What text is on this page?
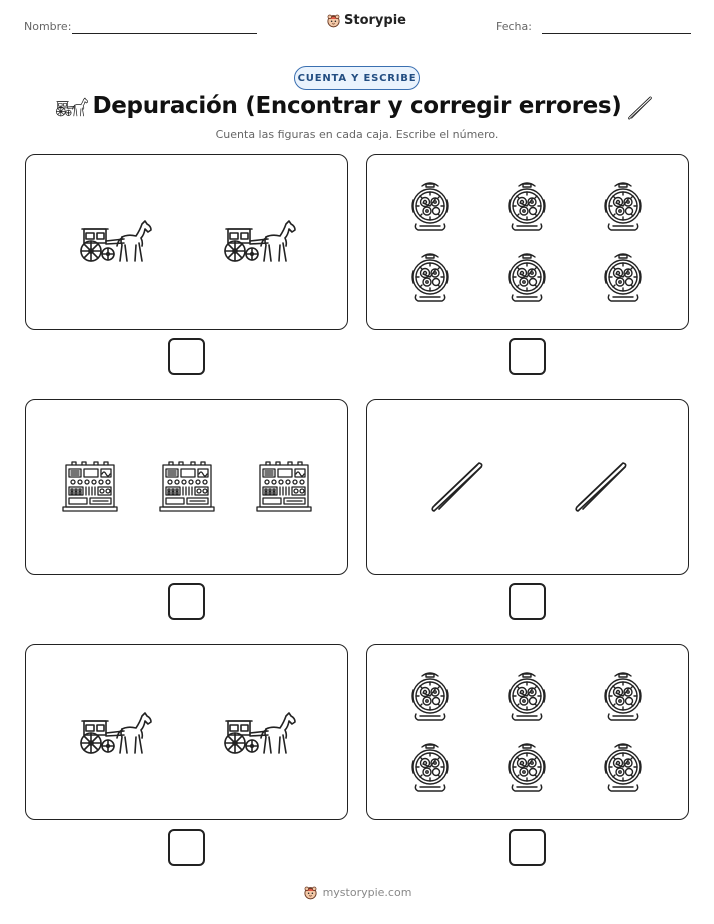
Nombre:	Storypie	Fecha:
CUENTA Y ESCRIBE
Depuración (Encontrar y corregir errores)
Cuenta las figuras en cada caja. Escribe el número.
mystorypie.com
